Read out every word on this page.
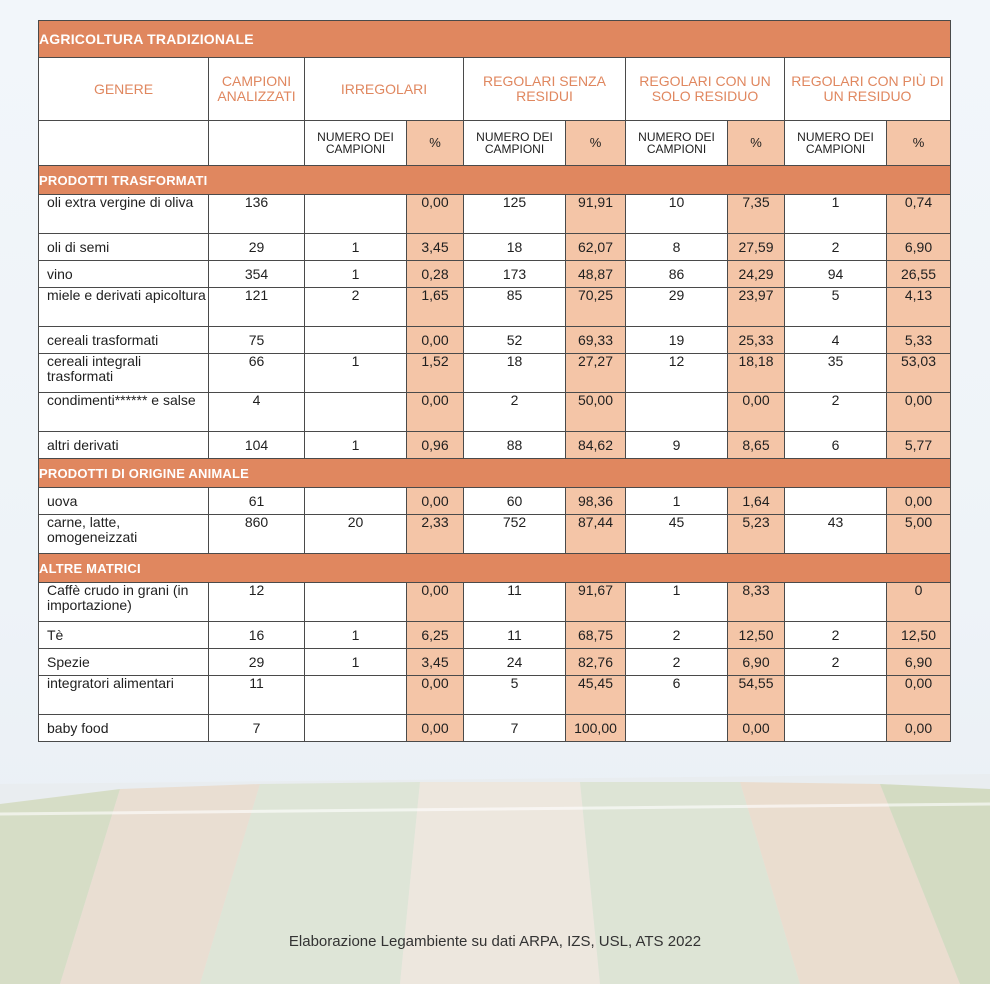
AGRICOLTURA TRADIZIONALE									
GENERE	CAMPIONI ANALIZZATI	IRREGOLARI		REGOLARI SENZA RESIDUI		REGOLARI CON UN SOLO RESIDUO		REGOLARI CON PIÙ DI UN RESIDUO	
		NUMERO DEI CAMPIONI	%	NUMERO DEI CAMPIONI	%	NUMERO DEI CAMPIONI	%	NUMERO DEI CAMPIONI	%
PRODOTTI TRASFORMATI									
oli extra vergine di oliva	136		0,00	125	91,91	10	7,35	1	0,74
oli di semi	29	1	3,45	18	62,07	8	27,59	2	6,90
vino	354	1	0,28	173	48,87	86	24,29	94	26,55
miele e derivati apicoltura	121	2	1,65	85	70,25	29	23,97	5	4,13
cereali trasformati	75		0,00	52	69,33	19	25,33	4	5,33
cereali integrali trasformati	66	1	1,52	18	27,27	12	18,18	35	53,03
condimenti****** e salse	4		0,00	2	50,00		0,00	2	0,00
altri derivati	104	1	0,96	88	84,62	9	8,65	6	5,77
PRODOTTI DI ORIGINE ANIMALE									
uova	61		0,00	60	98,36	1	1,64		0,00
carne, latte, omogeneizzati	860	20	2,33	752	87,44	45	5,23	43	5,00
ALTRE MATRICI									
Caffè crudo in grani (in importazione)	12		0,00	11	91,67	1	8,33		0
Tè	16	1	6,25	11	68,75	2	12,50	2	12,50
Spezie	29	1	3,45	24	82,76	2	6,90	2	6,90
integratori alimentari	11		0,00	5	45,45	6	54,55		0,00
baby food	7		0,00	7	100,00		0,00		0,00
Elaborazione Legambiente su dati ARPA, IZS, USL, ATS 2022
